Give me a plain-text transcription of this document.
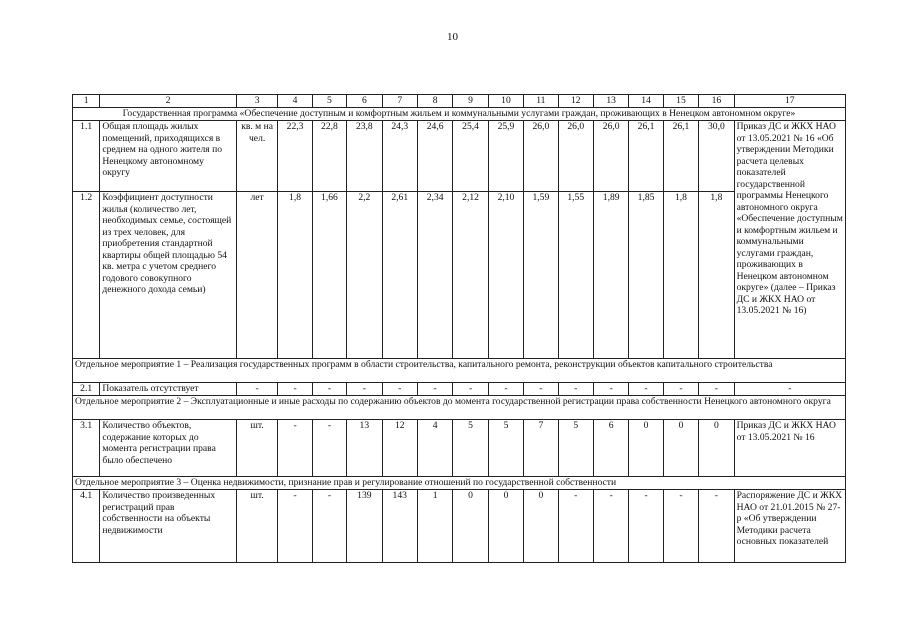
10
1	2	3	4	5	6	7	8	9	10	11	12	13	14	15	16	17
Государственная программа «Обеспечение доступным и комфортным жильем и коммунальными услугами граждан, проживающих в Ненецком автономном округе»																
1.1	Общая площадь жилых помещений, приходящихся в среднем на одного жителя по Ненецкому автономному округу	кв. м на чел.	22,3	22,8	23,8	24,3	24,6	25,4	25,9	26,0	26,0	26,0	26,1	26,1	30,0	Приказ ДС и ЖКХ НАО от 13.05.2021 № 16 «Об утверждении Методики расчета целевых показателей государственной программы Ненецкого автономного округа «Обеспечение доступным и комфортным жильем и коммунальными услугами граждан, проживающих в Ненецком автономном округе» (далее – Приказ ДС и ЖКХ НАО от 13.05.2021 № 16)
1.2	Коэффициент доступности жилья (количество лет, необходимых семье, состоящей из трех человек, для приобретения стандартной квартиры общей площадью 54 кв. метра с учетом среднего годового совокупного денежного дохода семьи)	лет	1,8	1,66	2,2	2,61	2,34	2,12	2,10	1,59	1,55	1,89	1,85	1,8	1,8	
Отдельное мероприятие 1 – Реализация государственных программ в области строительства, капитального ремонта, реконструкции объектов капитального строительства																
2.1	Показатель отсутствует	-	-	-	-	-	-	-	-	-	-	-	-	-	-	-
Отдельное мероприятие 2 – Эксплуатационные и иные расходы по содержанию объектов до момента государственной регистрации права собственности Ненецкого автономного округа																
3.1	Количество объектов, содержание которых до момента регистрации права было обеспечено	шт.	-	-	13	12	4	5	5	7	5	6	0	0	0	Приказ ДС и ЖКХ НАО от 13.05.2021 № 16
Отдельное мероприятие 3 – Оценка недвижимости, признание прав и регулирование отношений по государственной собственности																
4.1	Количество произведенных регистраций прав собственности на объекты недвижимости	шт.	-	-	139	143	1	0	0	0	-	-	-	-	-	Распоряжение ДС и ЖКХ НАО от 21.01.2015 № 27-р «Об утверждении Методики расчета основных показателей
